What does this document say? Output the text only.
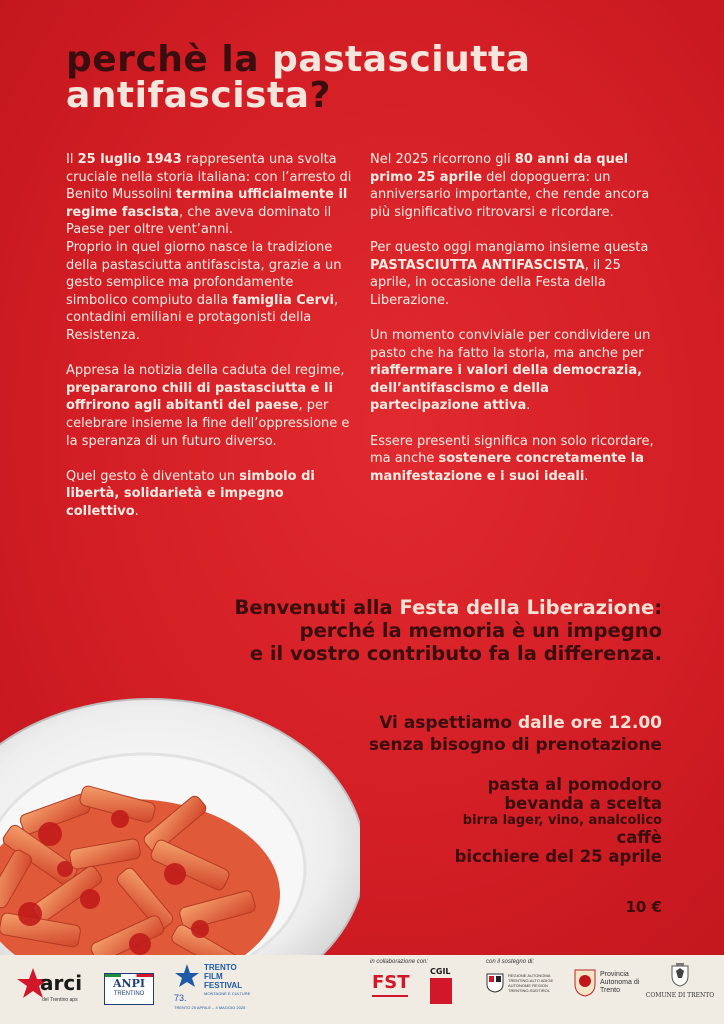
perchè la pastasciutta
antifascista?

Il 25 luglio 1943 rappresenta una svolta cruciale nella storia italiana: con l’arresto di Benito Mussolini termina ufficialmente il regime fascista, che aveva dominato il Paese per oltre vent’anni.

Proprio in quel giorno nasce la tradizione della pastasciutta antifascista, grazie a un gesto semplice ma profondamente simbolico compiuto dalla famiglia Cervi, contadini emiliani e protagonisti della Resistenza.

Appresa la notizia della caduta del regime, prepararono chili di pastasciutta e li offrirono agli abitanti del paese, per celebrare insieme la fine dell’oppressione e la speranza di un futuro diverso.

Quel gesto è diventato un simbolo di libertà, solidarietà e impegno collettivo.

Nel 2025 ricorrono gli 80 anni da quel primo 25 aprile del dopoguerra: un anniversario importante, che rende ancora più significativo ritrovarsi e ricordare.

Per questo oggi mangiamo insieme questa PASTASCIUTTA ANTIFASCISTA, il 25 aprile, in occasione della Festa della Liberazione.

Un momento conviviale per condividere un pasto che ha fatto la storia, ma anche per riaffermare i valori della democrazia, dell’antifascismo e della partecipazione attiva.

Essere presenti significa non solo ricordare, ma anche sostenere concretamente la manifestazione e i suoi ideali.

Benvenuti alla Festa della Liberazione:
perché la memoria è un impegno
e il vostro contributo fa la differenza.
Vi aspettiamo dalle ore 12.00
senza bisogno di prenotazione
pasta al pomodoro
bevanda a scelta
birra lager, vino, analcolico
caffè
bicchiere del 25 aprile
10 €
arci
del Trentino aps
ANPI
TRENTINO
TRENTO
FILM
FESTIVAL
MONTAGNE E CULTURE
73.
TRENTO 25 APRILE – 4 MAGGIO 2025
in collaborazione con:
FST
CGIL
con il sostegno di:
REGIONE AUTONOMA TRENTINO-ALTO ADIGE AUTONOME REGION TRENTINO-SÜDTIROL
Provincia Autonoma di Trento
COMUNE DI TRENTO
